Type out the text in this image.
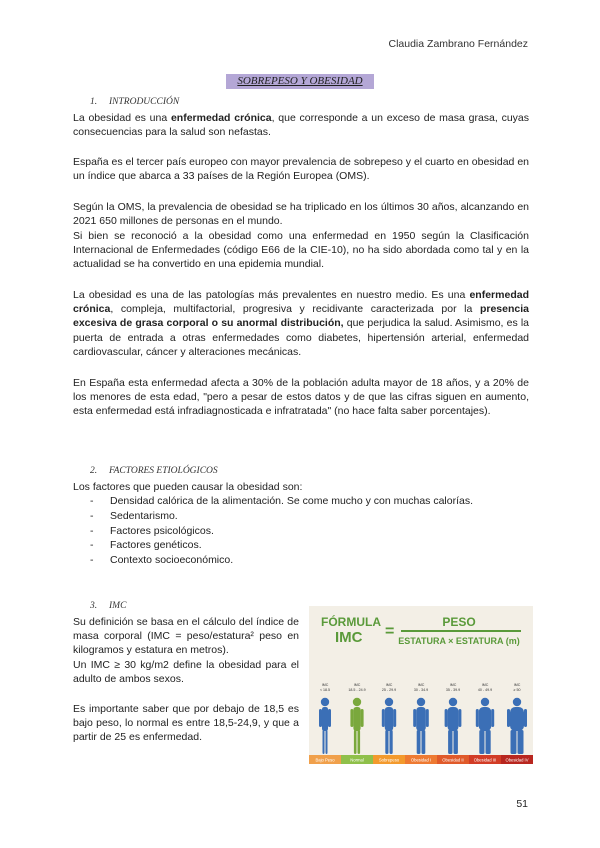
Claudia Zambrano Fernández
SOBREPESO Y OBESIDAD
1. INTRODUCCIÓN
La obesidad es una enfermedad crónica, que corresponde a un exceso de masa grasa, cuyas consecuencias para la salud son nefastas.
España es el tercer país europeo con mayor prevalencia de sobrepeso y el cuarto en obesidad en un índice que abarca a 33 países de la Región Europea (OMS).
Según la OMS, la prevalencia de obesidad se ha triplicado en los últimos 30 años, alcanzando en 2021 650 millones de personas en el mundo.
Si bien se reconoció a la obesidad como una enfermedad en 1950 según la Clasificación Internacional de Enfermedades (código E66 de la CIE-10), no ha sido abordada como tal y en la actualidad se ha convertido en una epidemia mundial.
La obesidad es una de las patologías más prevalentes en nuestro medio. Es una enfermedad crónica, compleja, multifactorial, progresiva y recidivante caracterizada por la presencia excesiva de grasa corporal o su anormal distribución, que perjudica la salud. Asimismo, es la puerta de entrada a otras enfermedades como diabetes, hipertensión arterial, enfermedad cardiovascular, cáncer y alteraciones mecánicas.
En España esta enfermedad afecta a 30% de la población adulta mayor de 18 años, y a 20% de los menores de esta edad, "pero a pesar de estos datos y de que las cifras siguen en aumento, esta enfermedad está infradiagnosticada e infratratada" (no hace falta saber porcentajes).
2. FACTORES ETIOLÓGICOS
Los factores que pueden causar la obesidad son:
- Densidad calórica de la alimentación. Se come mucho y con muchas calorías.
- Sedentarismo.
- Factores psicológicos.
- Factores genéticos.
- Contexto socioeconómico.
3. IMC
Su definición se basa en el cálculo del índice de masa corporal (IMC = peso/estatura² peso en kilogramos y estatura en metros).
Un IMC ≥ 30 kg/m2 define la obesidad para el adulto de ambos sexos.
Es importante saber que por debajo de 18,5 es bajo peso, lo normal es entre 18,5-24,9, y que a partir de 25 es enfermedad.
FÓRMULA
IMC =
PESO
ESTATURA × ESTATURA (m)
IMC
< 18.5
Bajo Peso
IMC
18.5 - 24.9
Normal
IMC
25 - 29.9
Sobrepeso
IMC
30 - 34.9
Obesidad I
IMC
35 - 39.9
Obesidad II
IMC
40 - 49.9
Obesidad III
IMC
≥ 50
Obesidad IV
51
